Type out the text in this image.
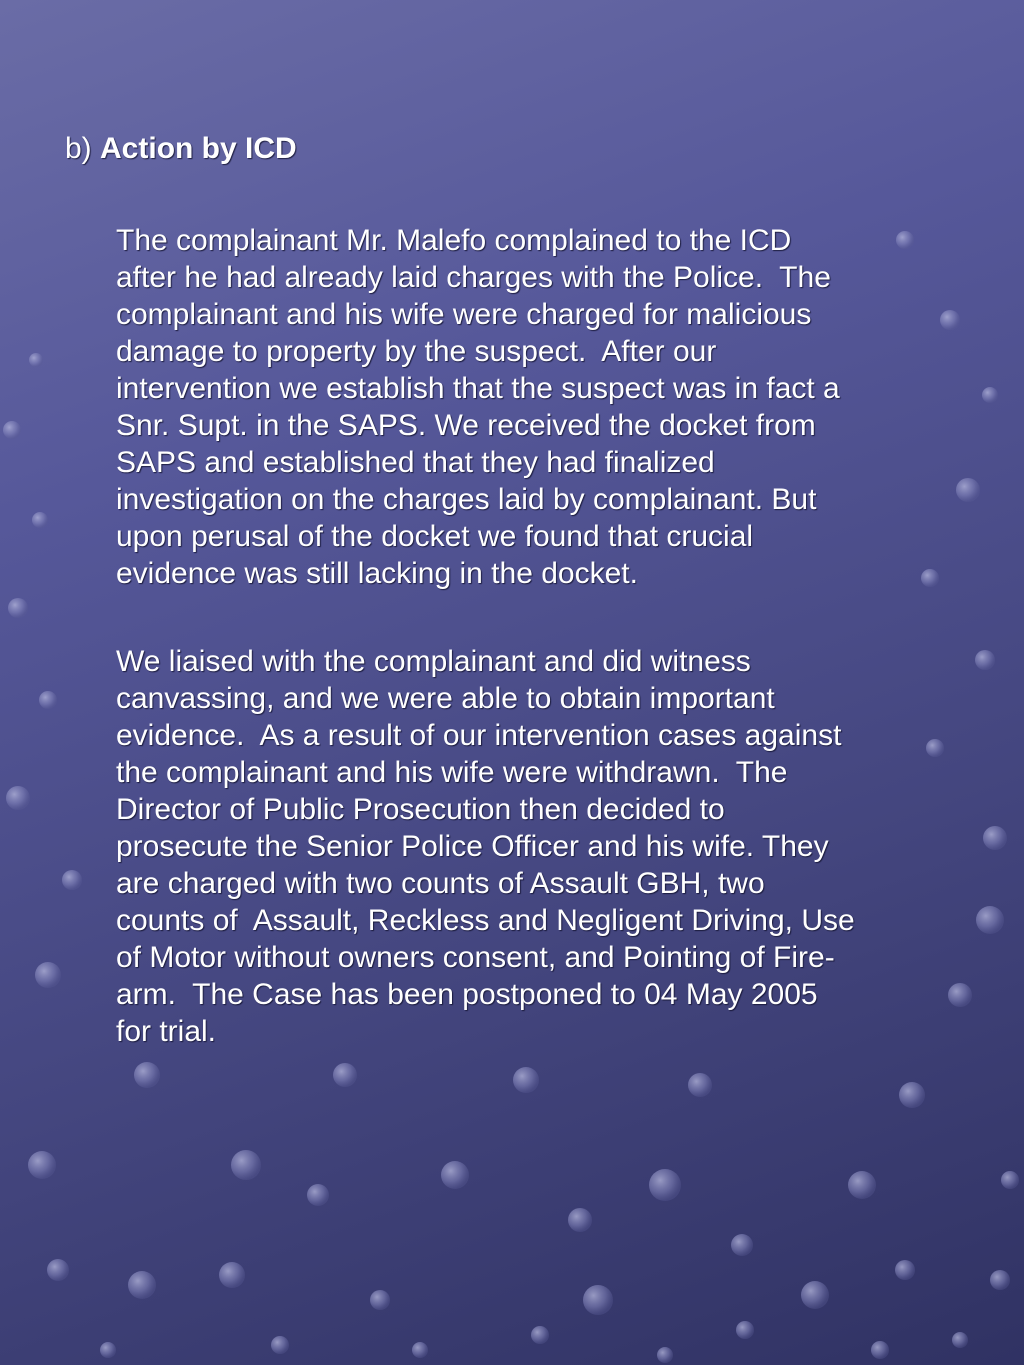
b) Action by ICD
The complainant Mr. Malefo complained to the ICD
after he had already laid charges with the Police.  The
complainant and his wife were charged for malicious
damage to property by the suspect.  After our
intervention we establish that the suspect was in fact a
Snr. Supt. in the SAPS. We received the docket from
SAPS and established that they had finalized
investigation on the charges laid by complainant. But
upon perusal of the docket we found that crucial
evidence was still lacking in the docket.
We liaised with the complainant and did witness
canvassing, and we were able to obtain important
evidence.  As a result of our intervention cases against
the complainant and his wife were withdrawn.  The
Director of Public Prosecution then decided to
prosecute the Senior Police Officer and his wife. They
are charged with two counts of Assault GBH, two
counts of  Assault, Reckless and Negligent Driving, Use
of Motor without owners consent, and Pointing of Fire-
arm.  The Case has been postponed to 04 May 2005
for trial.
